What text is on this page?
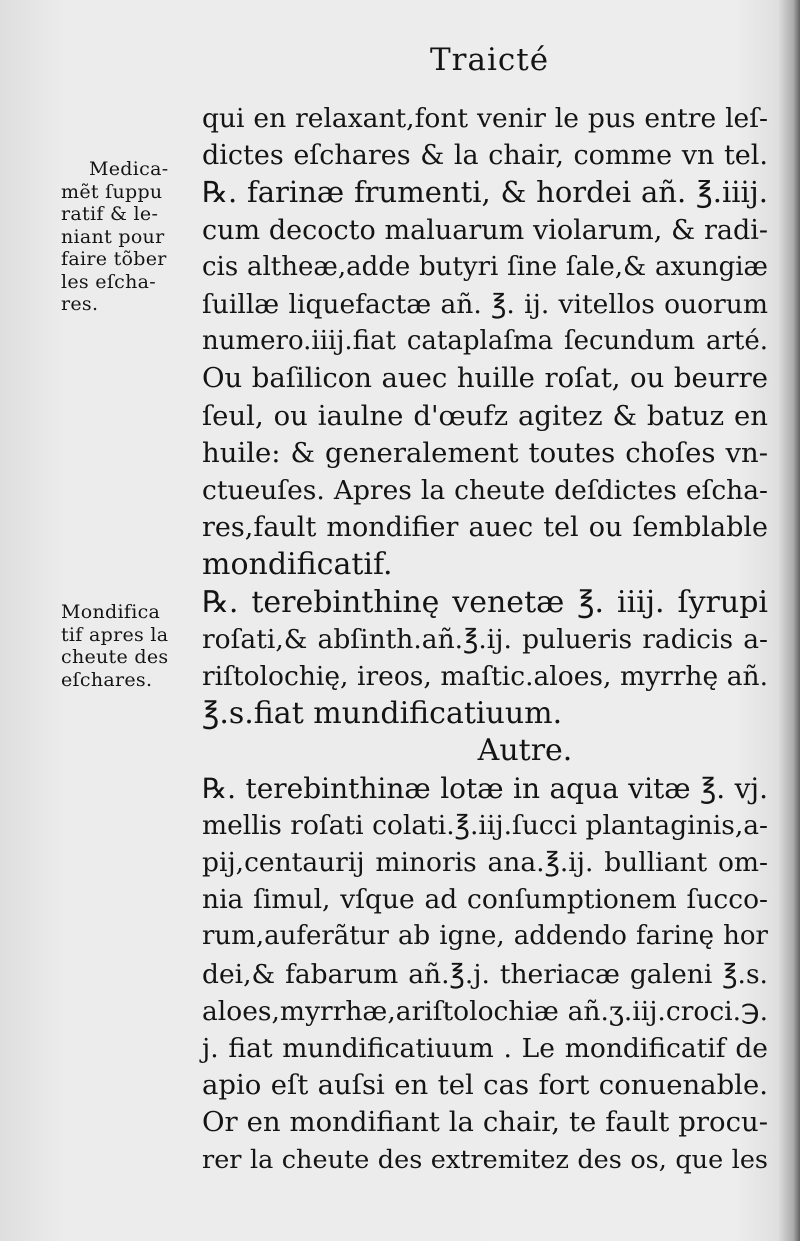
Traicté
Medica-
mẽt ſuppu
ratif & le-
niant pour
faire tõber
les eſcha-
res.
Mondifica
tif apres la
cheute des
eſchares.
qui en relaxant,font venir le pus entre leſ-
dictes eſchares & la chair, comme vn tel.
℞. farinæ frumenti, & hordei añ. ℥.iiij.
cum decocto maluarum violarum, & radi-
cis altheæ,adde butyri ſine ſale,& axungiæ
ſuillæ liquefactæ añ. ℥. ij. vitellos ouorum
numero.iiij.fiat cataplaſma ſecundum arté.
Ou baſilicon auec huille roſat, ou beurre
ſeul, ou iaulne d'œufz agitez & batuz en
huile: & generalement toutes choſes vn-
ctueuſes. Apres la cheute deſdictes eſcha-
res,fault mondifier auec tel ou ſemblable
mondificatif.
℞. terebinthinę venetæ ℥. iiij. ſyrupi
roſati,& abſinth.añ.℥.ij. pulueris radicis a-
riſtolochię, ireos, maſtic.aloes, myrrhę añ.
℥.s.fiat mundificatiuum.
Autre.
℞. terebinthinæ lotæ in aqua vitæ ℥. vj.
mellis roſati colati.℥.iij.ſucci plantaginis,a-
pij,centaurij minoris ana.℥.ij. bulliant om-
nia ſimul, vſque ad conſumptionem ſucco-
rum,auferãtur ab igne, addendo farinę hor
dei,& fabarum añ.℥.j. theriacæ galeni ℥.s.
aloes,myrrhæ,ariſtolochiæ añ.ʒ.iij.croci.℈.
j. fiat mundificatiuum . Le mondificatif de
apio eſt auſsi en tel cas fort conuenable.
Or en mondifiant la chair, te fault procu-
rer la cheute des extremitez des os, que les
